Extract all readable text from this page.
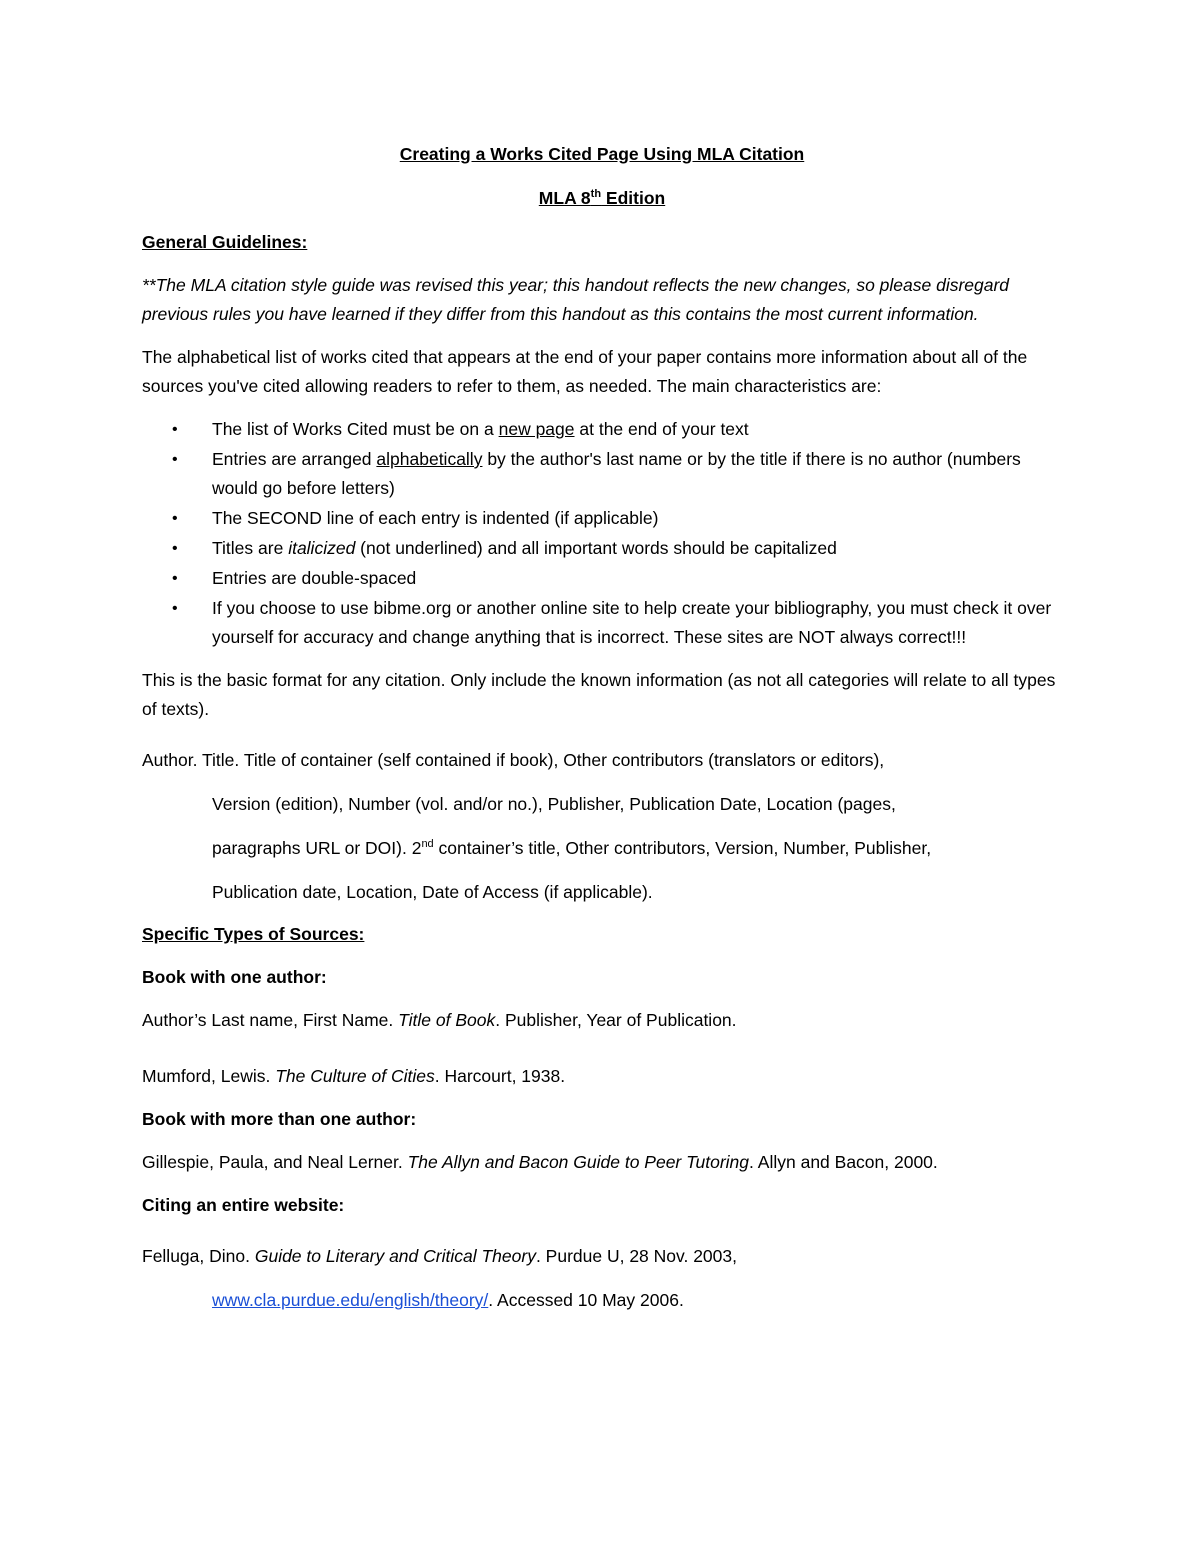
Creating a Works Cited Page Using MLA Citation
MLA 8th Edition
General Guidelines:

**The MLA citation style guide was revised this year; this handout reflects the new changes, so please disregard previous rules you have learned if they differ from this handout as this contains the most current information.

The alphabetical list of works cited that appears at the end of your paper contains more information about all of the sources you've cited allowing readers to refer to them, as needed. The main characteristics are:

• The list of Works Cited must be on a new page at the end of your text
• Entries are arranged alphabetically by the author's last name or by the title if there is no author (numbers would go before letters)
• The SECOND line of each entry is indented (if applicable)
• Titles are italicized (not underlined) and all important words should be capitalized
• Entries are double-spaced
• If you choose to use bibme.org or another online site to help create your bibliography, you must check it over yourself for accuracy and change anything that is incorrect. These sites are NOT always correct!!!

This is the basic format for any citation. Only include the known information (as not all categories will relate to all types of texts).

Author. Title. Title of container (self contained if book), Other contributors (translators or editors),
Version (edition), Number (vol. and/or no.), Publisher, Publication Date, Location (pages,
paragraphs URL or DOI). 2nd container’s title, Other contributors, Version, Number, Publisher,
Publication date, Location, Date of Access (if applicable).
Specific Types of Sources:
Book with one author:

Author’s Last name, First Name. Title of Book. Publisher, Year of Publication.

Mumford, Lewis. The Culture of Cities. Harcourt, 1938.

Book with more than one author:

Gillespie, Paula, and Neal Lerner. The Allyn and Bacon Guide to Peer Tutoring. Allyn and Bacon, 2000.

Citing an entire website:
Felluga, Dino. Guide to Literary and Critical Theory. Purdue U, 28 Nov. 2003,
www.cla.purdue.edu/english/theory/. Accessed 10 May 2006.
